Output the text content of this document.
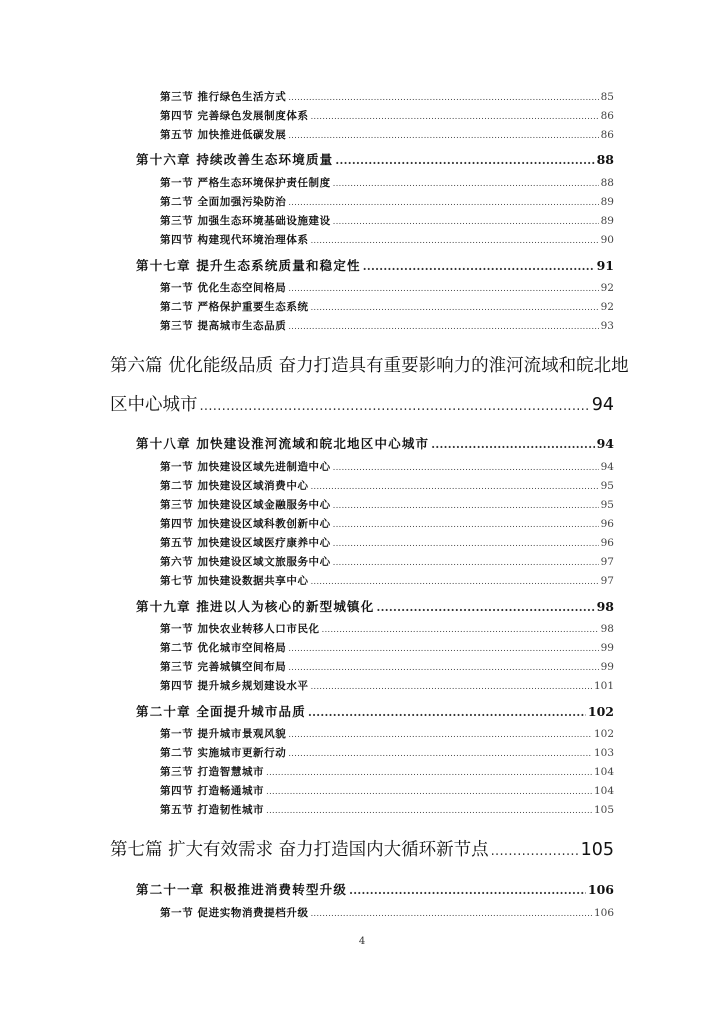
第三节 推行绿色生活方式 .....	85
第四节 完善绿色发展制度体系 .....	86
第五节 加快推进低碳发展 .....	86
第十六章 持续改善生态环境质量 .....	88
第一节 严格生态环境保护责任制度 .....	88
第二节 全面加强污染防治 .....	89
第三节 加强生态环境基础设施建设 .....	89
第四节 构建现代环境治理体系 .....	90
第十七章 提升生态系统质量和稳定性 .....	91
第一节 优化生态空间格局 .....	92
第二节 严格保护重要生态系统 .....	92
第三节 提高城市生态品质 .....	93
第六篇 优化能级品质 奋力打造具有重要影响力的淮河流域和皖北地
区中心城市 .....	94
第十八章 加快建设淮河流域和皖北地区中心城市 .....	94
第一节 加快建设区域先进制造中心 .....	94
第二节 加快建设区域消费中心 .....	95
第三节 加快建设区域金融服务中心 .....	95
第四节 加快建设区域科教创新中心 .....	96
第五节 加快建设区域医疗康养中心 .....	96
第六节 加快建设区域文旅服务中心 .....	97
第七节 加快建设数据共享中心 .....	97
第十九章 推进以人为核心的新型城镇化 .....	98
第一节 加快农业转移人口市民化 .....	98
第二节 优化城市空间格局 .....	99
第三节 完善城镇空间布局 .....	99
第四节 提升城乡规划建设水平 .....	101
第二十章 全面提升城市品质 .....	102
第一节 提升城市景观风貌 .....	102
第二节 实施城市更新行动 .....	103
第三节 打造智慧城市 .....	104
第四节 打造畅通城市 .....	104
第五节 打造韧性城市 .....	105
第七篇 扩大有效需求 奋力打造国内大循环新节点 .....	105
第二十一章 积极推进消费转型升级 .....	106
第一节 促进实物消费提档升级 .....	106
4
